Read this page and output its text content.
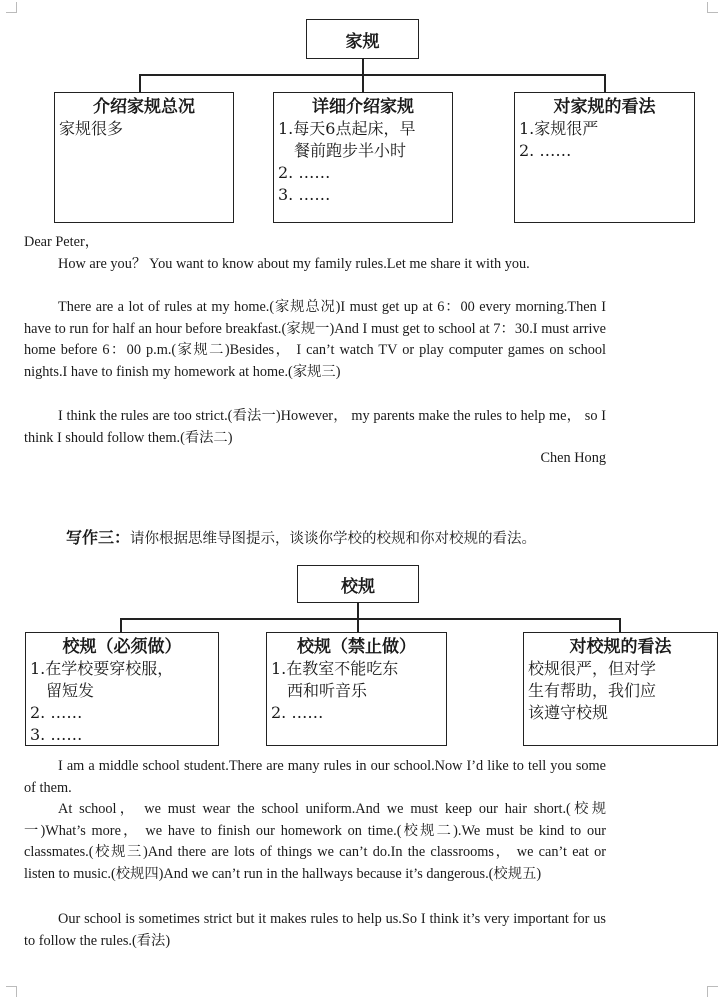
家规
介绍家规总况
家规很多
详细介绍家规
1.每天6点起床，早
餐前跑步半小时
2. ……
3. ……
对家规的看法
1.家规很严
2. ……

Dear Peter，

How are you？ You want to know about my family rules.Let me share it with you.

There are a lot of rules at my home.(家规总况)I must get up at 6：00 every morning.Then I have to run for half an hour before breakfast.(家规一)And I must get to school at 7：30.I must arrive home before 6：00 p.m.(家规二)Besides， I can’t watch TV or play computer games on school nights.I have to finish my homework at home.(家规三)

I think the rules are too strict.(看法一)However， my parents make the rules to help me， so I think I should follow them.(看法二)

Chen Hong
写作三：请你根据思维导图提示，谈谈你学校的校规和你对校规的看法。
校规
校规（必须做）
1.在学校要穿校服，
留短发
2. ……
3. ……
校规（禁止做）
1.在教室不能吃东
西和听音乐
2. ……
对校规的看法
校规很严，但对学
生有帮助，我们应
该遵守校规

I am a middle school student.There are many rules in our school.Now I’d like to tell you some of them.

At school， we must wear the school uniform.And we must keep our hair short.(校规一)What’s more， we have to finish our homework on time.(校规二).We must be kind to our classmates.(校规三)And there are lots of things we can’t do.In the classrooms， we can’t eat or listen to music.(校规四)And we can’t run in the hallways because it’s dangerous.(校规五)

Our school is sometimes strict but it makes rules to help us.So I think it’s very important for us to follow the rules.(看法)
